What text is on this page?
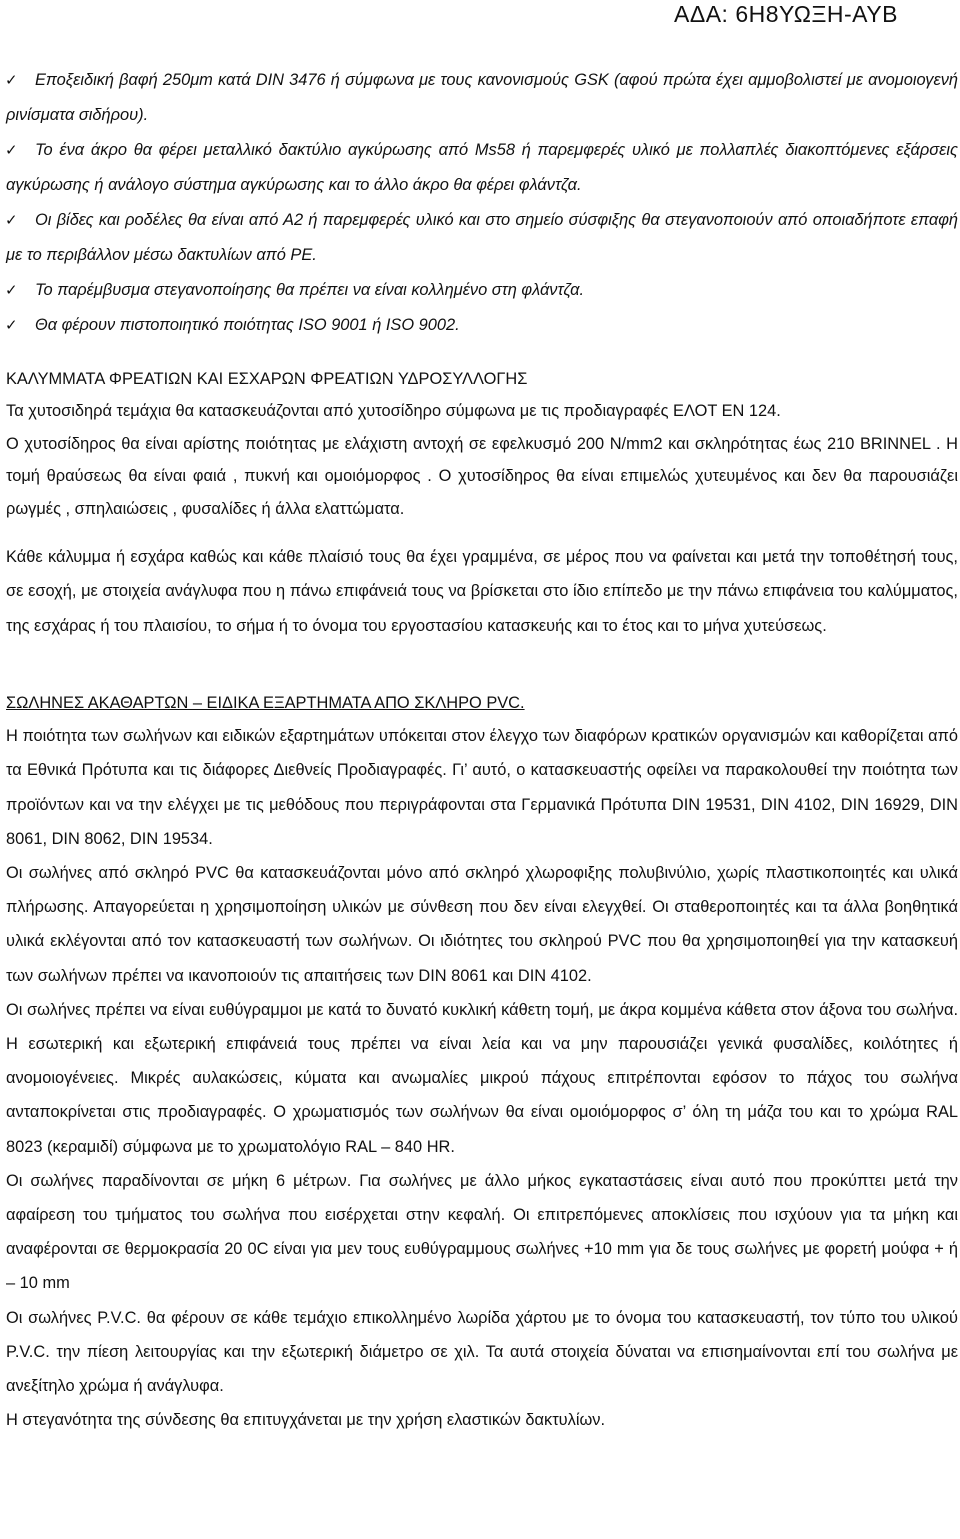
ΑΔΑ: 6Η8ΥΩΞΗ-ΑΥΒ
✓ Εποξειδική βαφή 250μm κατά DIN 3476 ή σύμφωνα με τους κανονισμούς GSK (αφού πρώτα έχει αμμοβολιστεί με ανομοιογενή ρινίσματα σιδήρου).
✓ Το ένα άκρο θα φέρει μεταλλικό δακτύλιο αγκύρωσης από Ms58 ή παρεμφερές υλικό με πολλαπλές διακοπτόμενες εξάρσεις αγκύρωσης ή ανάλογο σύστημα αγκύρωσης και το άλλο άκρο θα φέρει φλάντζα.
✓ Οι βίδες και ροδέλες θα είναι από Α2 ή παρεμφερές υλικό και στο σημείο σύσφιξης θα στεγανοποιούν από οποιαδήποτε επαφή με το περιβάλλον μέσω δακτυλίων από PE.
✓ Το παρέμβυσμα στεγανοποίησης θα πρέπει να είναι κολλημένο στη φλάντζα.
✓ Θα φέρουν πιστοποιητικό ποιότητας ISO 9001 ή ISO 9002.
ΚΑΛΥΜΜΑΤΑ ΦΡΕΑΤΙΩΝ ΚΑΙ ΕΣΧΑΡΩΝ ΦΡΕΑΤΙΩΝ ΥΔΡΟΣΥΛΛΟΓΗΣ

Τα χυτοσιδηρά τεμάχια θα κατασκευάζονται από χυτοσίδηρο σύμφωνα με τις προδιαγραφές ΕΛΟΤ ΕΝ 124.

Ο χυτοσίδηρος θα είναι αρίστης ποιότητας με ελάχιστη αντοχή σε εφελκυσμό 200 N/mm2 και σκληρότητας έως 210 BRINNEL . Η τομή θραύσεως θα είναι φαιά , πυκνή και ομοιόμορφος . Ο χυτοσίδηρος θα είναι επιμελώς χυτευμένος και δεν θα παρουσιάζει ρωγμές , σπηλαιώσεις , φυσαλίδες ή άλλα ελαττώματα.

Κάθε κάλυμμα ή εσχάρα καθώς και κάθε πλαίσιό τους θα έχει γραμμένα, σε μέρος που να φαίνεται και μετά την τοποθέτησή τους, σε εσοχή, με στοιχεία ανάγλυφα που η πάνω επιφάνειά τους να βρίσκεται στο ίδιο επίπεδο με την πάνω επιφάνεια του καλύμματος, της εσχάρας ή του πλαισίου, το σήμα ή το όνομα του εργοστασίου κατασκευής και το έτος και το μήνα χυτεύσεως.

ΣΩΛΗΝΕΣ ΑΚΑΘΑΡΤΩΝ – ΕΙΔΙΚΑ ΕΞΑΡΤΗΜΑΤΑ ΑΠΟ ΣΚΛΗΡΟ PVC.

Η ποιότητα των σωλήνων και ειδικών εξαρτημάτων υπόκειται στον έλεγχο των διαφόρων κρατικών οργανισμών και καθορίζεται από τα Εθνικά Πρότυπα και τις διάφορες Διεθνείς Προδιαγραφές. Γι’ αυτό, ο κατασκευαστής οφείλει να παρακολουθεί την ποιότητα των προϊόντων και να την ελέγχει με τις μεθόδους που περιγράφονται στα Γερμανικά Πρότυπα DIN 19531, DIN 4102, DIN 16929, DIN 8061, DIN 8062, DIN 19534.

Οι σωλήνες από σκληρό PVC θα κατασκευάζονται μόνο από σκληρό χλωροφιξης πολυβινύλιο, χωρίς πλαστικοποιητές και υλικά πλήρωσης. Απαγορεύεται η χρησιμοποίηση υλικών με σύνθεση που δεν είναι ελεγχθεί. Οι σταθεροποιητές και τα άλλα βοηθητικά υλικά εκλέγονται από τον κατασκευαστή των σωλήνων. Οι ιδιότητες του σκληρού PVC που θα χρησιμοποιηθεί για την κατασκευή των σωλήνων πρέπει να ικανοποιούν τις απαιτήσεις των DIN 8061 και DIN 4102.

Οι σωλήνες πρέπει να είναι ευθύγραμμοι με κατά το δυνατό κυκλική κάθετη τομή, με άκρα κομμένα κάθετα στον άξονα του σωλήνα. Η εσωτερική και εξωτερική επιφάνειά τους πρέπει να είναι λεία και να μην παρουσιάζει γενικά φυσαλίδες, κοιλότητες ή ανομοιογένειες. Μικρές αυλακώσεις, κύματα και ανωμαλίες μικρού πάχους επιτρέπονται εφόσον το πάχος του σωλήνα ανταποκρίνεται στις προδιαγραφές. Ο χρωματισμός των σωλήνων θα είναι ομοιόμορφος σ’ όλη τη μάζα του και το χρώμα RAL 8023 (κεραμιδί) σύμφωνα με το χρωματολόγιο RAL – 840 HR.

Οι σωλήνες παραδίνονται σε μήκη 6 μέτρων. Για σωλήνες με άλλο μήκος εγκαταστάσεις είναι αυτό που προκύπτει μετά την αφαίρεση του τμήματος του σωλήνα που εισέρχεται στην κεφαλή. Οι επιτρεπόμενες αποκλίσεις που ισχύουν για τα μήκη και αναφέρονται σε θερμοκρασία 20 0C είναι για μεν τους ευθύγραμμους σωλήνες +10 mm για δε τους σωλήνες με φορετή μούφα + ή – 10 mm

Οι σωλήνες P.V.C. θα φέρουν σε κάθε τεμάχιο επικολλημένο λωρίδα χάρτου με το όνομα του κατασκευαστή, τον τύπο του υλικού P.V.C. την πίεση λειτουργίας και την εξωτερική διάμετρο σε χιλ. Τα αυτά στοιχεία δύναται να επισημαίνονται επί του σωλήνα με ανεξίτηλο χρώμα ή ανάγλυφα.

Η στεγανότητα της σύνδεσης θα επιτυγχάνεται με την χρήση ελαστικών δακτυλίων.
